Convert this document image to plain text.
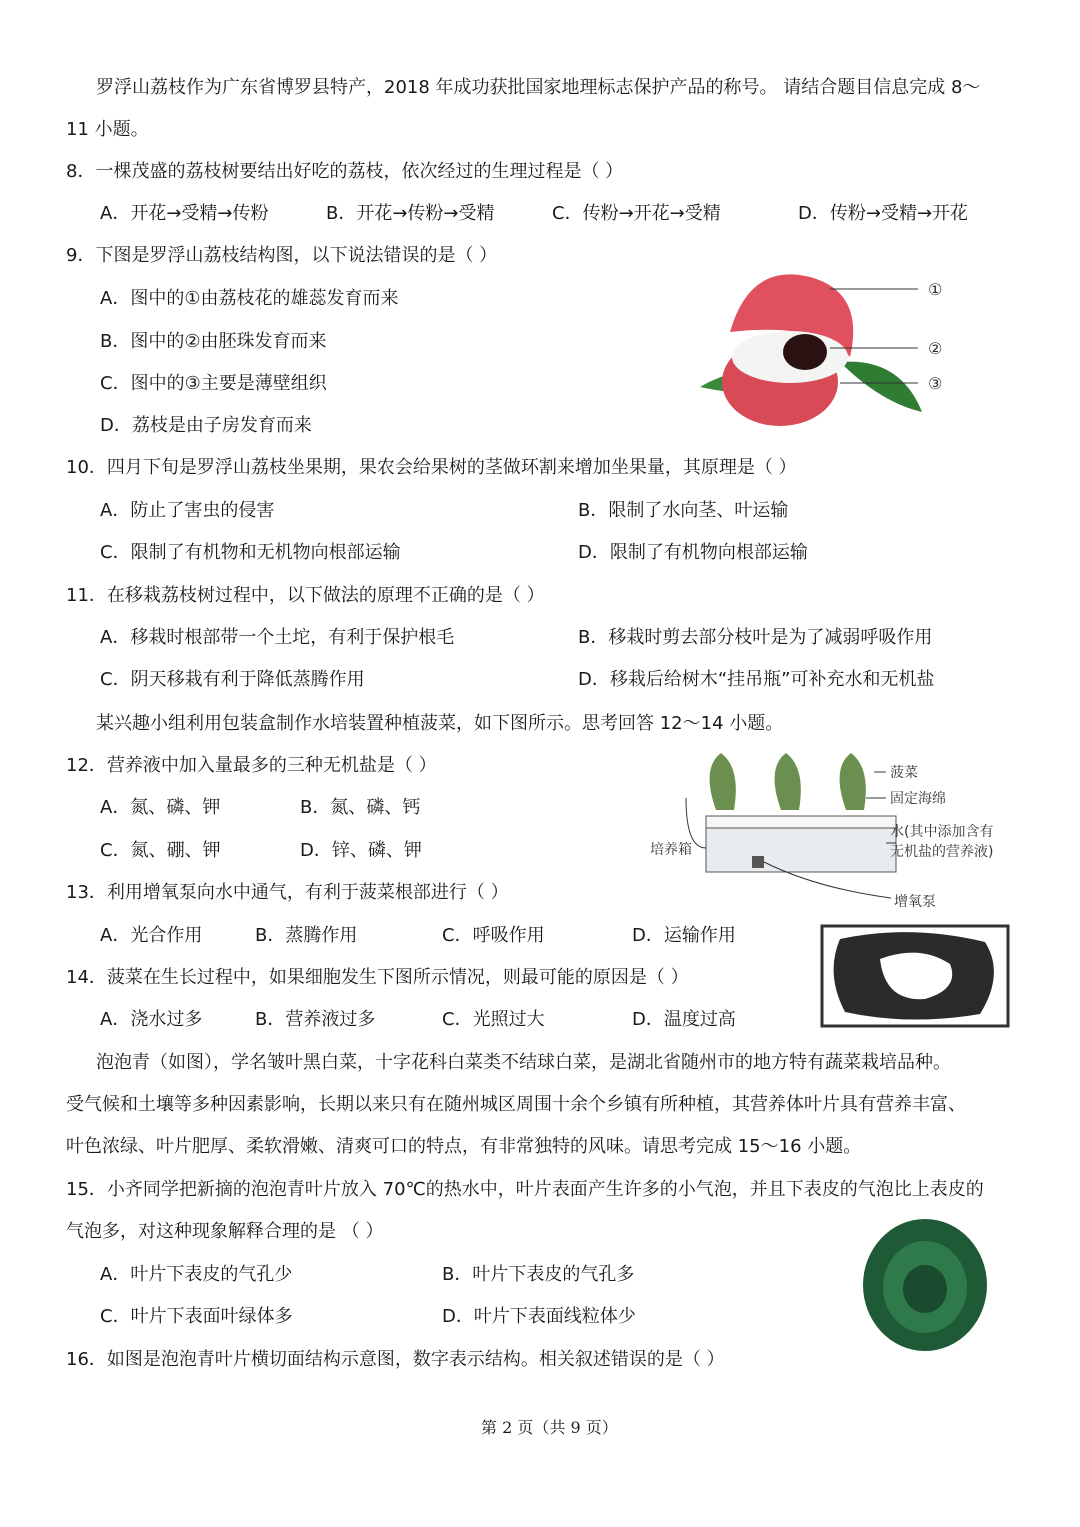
罗浮山荔枝作为广东省博罗县特产，2018 年成功获批国家地理标志保护产品的称号。 请结合题目信息完成 8～
11 小题。
8．一棵茂盛的荔枝树要结出好吃的荔枝，依次经过的生理过程是（ ）
A．开花→受精→传粉	B．开花→传粉→受精	C．传粉→开花→受精	D．传粉→受精→开花
9．下图是罗浮山荔枝结构图，以下说法错误的是（ ）
A．图中的①由荔枝花的雄蕊发育而来
B．图中的②由胚珠发育而来
C．图中的③主要是薄壁组织
D．荔枝是由子房发育而来
①
②
③
10．四月下旬是罗浮山荔枝坐果期，果农会给果树的茎做环割来增加坐果量，其原理是（ ）
A．防止了害虫的侵害	B．限制了水向茎、叶运输
C．限制了有机物和无机物向根部运输	D．限制了有机物向根部运输
11．在移栽荔枝树过程中，以下做法的原理不正确的是（ ）
A．移栽时根部带一个土坨，有利于保护根毛	B．移栽时剪去部分枝叶是为了减弱呼吸作用
C．阴天移栽有利于降低蒸腾作用	D．移栽后给树木“挂吊瓶”可补充水和无机盐
某兴趣小组利用包装盒制作水培装置种植菠菜，如下图所示。思考回答 12～14 小题。
12．营养液中加入量最多的三种无机盐是（ ）
A．氮、磷、钾	B．氮、磷、钙
C．氮、硼、钾	D．锌、磷、钾
菠菜
固定海绵
水(其中添加含有
无机盐的营养液)
培养箱
增氧泵
13．利用增氧泵向水中通气，有利于菠菜根部进行（ ）
A．光合作用	B．蒸腾作用	C．呼吸作用	D．运输作用
14．菠菜在生长过程中，如果细胞发生下图所示情况，则最可能的原因是（ ）
A．浇水过多	B．营养液过多	C．光照过大	D．温度过高
泡泡青（如图），学名皱叶黑白菜，十字花科白菜类不结球白菜，是湖北省随州市的地方特有蔬菜栽培品种。
受气候和土壤等多种因素影响，长期以来只有在随州城区周围十余个乡镇有所种植，其营养体叶片具有营养丰富、
叶色浓绿、叶片肥厚、柔软滑嫩、清爽可口的特点，有非常独特的风味。请思考完成 15～16 小题。
15．小齐同学把新摘的泡泡青叶片放入 70℃的热水中，叶片表面产生许多的小气泡，并且下表皮的气泡比上表皮的
气泡多，对这种现象解释合理的是 （ ）
A．叶片下表皮的气孔少	B．叶片下表皮的气孔多
C．叶片下表面叶绿体多	D．叶片下表面线粒体少
16．如图是泡泡青叶片横切面结构示意图，数字表示结构。相关叙述错误的是（ ）
第 2 页（共 9 页）
